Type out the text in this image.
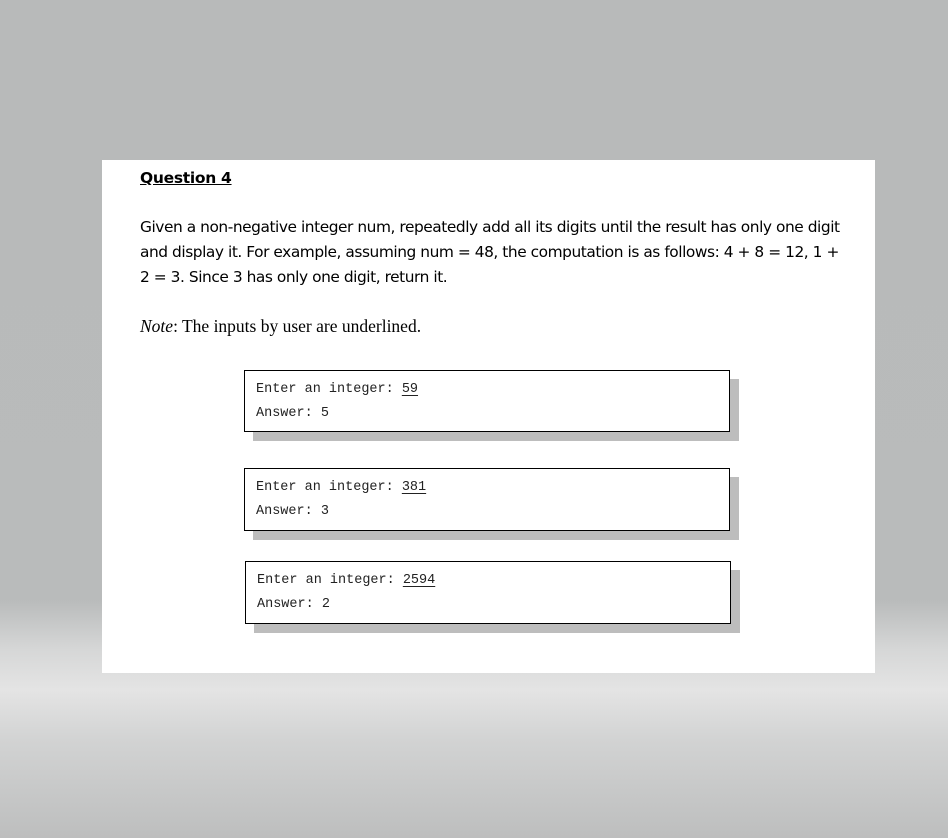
Question 4

Given a non-negative integer num, repeatedly add all its digits until the result has only one digit and display it. For example, assuming num = 48, the computation is as follows: 4 + 8 = 12, 1 + 2 = 3. Since 3 has only one digit, return it.

Note: The inputs by user are underlined.

Enter an integer: 59
Answer: 5
Enter an integer: 381
Answer: 3
Enter an integer: 2594
Answer: 2
